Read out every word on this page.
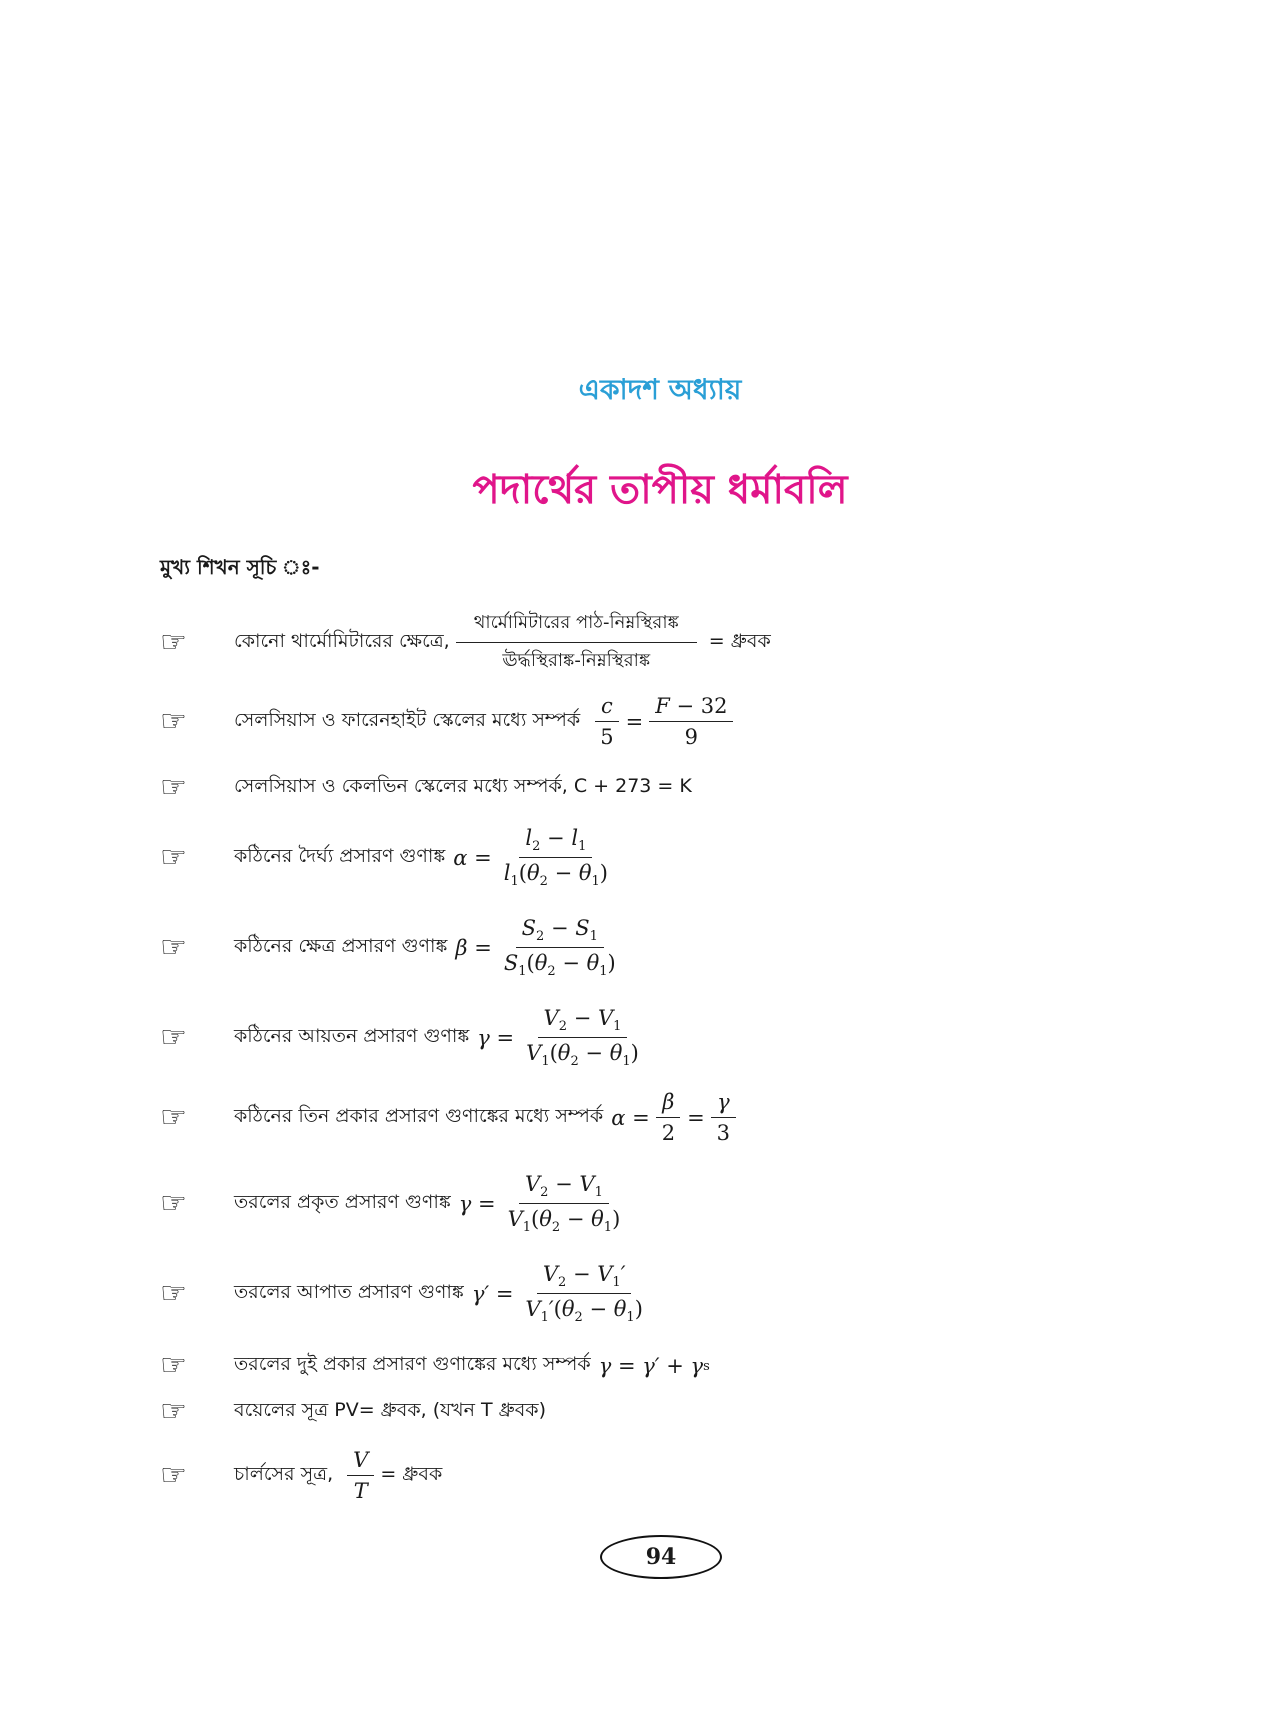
একাদশ অধ্যায়
পদার্থের তাপীয় ধর্মাবলি
মুখ্য শিখন সূচি ঃ-
☞	কোনো থার্মোমিটারের ক্ষেত্রে, $\frac{\text{থার্মোমিটারের পাঠ-নিম্নস্থিরাঙ্ক}}{\text{ঊর্দ্ধস্থিরাঙ্ক-নিম্নস্থিরাঙ্ক}}$ = ধ্রুবক
☞	সেলসিয়াস ও ফারেনহাইট স্কেলের মধ্যে সম্পর্ক $\frac{c}{5} = \frac{F - 32}{9}$
☞	সেলসিয়াস ও কেলভিন স্কেলের মধ্যে সম্পর্ক, C + 273 = K
☞	কঠিনের দৈর্ঘ্য প্রসারণ গুণাঙ্ক $\alpha = \frac{l_2 - l_1}{l_1(\theta_2 - \theta_1)}$
☞	কঠিনের ক্ষেত্র প্রসারণ গুণাঙ্ক $\beta = \frac{S_2 - S_1}{S_1(\theta_2 - \theta_1)}$
☞	কঠিনের আয়তন প্রসারণ গুণাঙ্ক $\gamma = \frac{V_2 - V_1}{V_1(\theta_2 - \theta_1)}$
☞	কঠিনের তিন প্রকার প্রসারণ গুণাঙ্কের মধ্যে সম্পর্ক $\alpha = \frac{\beta}{2} = \frac{\gamma}{3}$
☞	তরলের প্রকৃত প্রসারণ গুণাঙ্ক $\gamma = \frac{V_2 - V_1}{V_1(\theta_2 - \theta_1)}$
☞	তরলের আপাত প্রসারণ গুণাঙ্ক $\gamma' = \frac{V_2 - V_1'}{V_1'(\theta_2 - \theta_1)}$
☞	তরলের দুই প্রকার প্রসারণ গুণাঙ্কের মধ্যে সম্পর্ক γ = γ′ + γ s
☞	বয়েলের সূত্র PV= ধ্রুবক, (যখন T ধ্রুবক)
☞	চার্লসের সূত্র, $\frac{V}{T}$ = ধ্রুবক
94
